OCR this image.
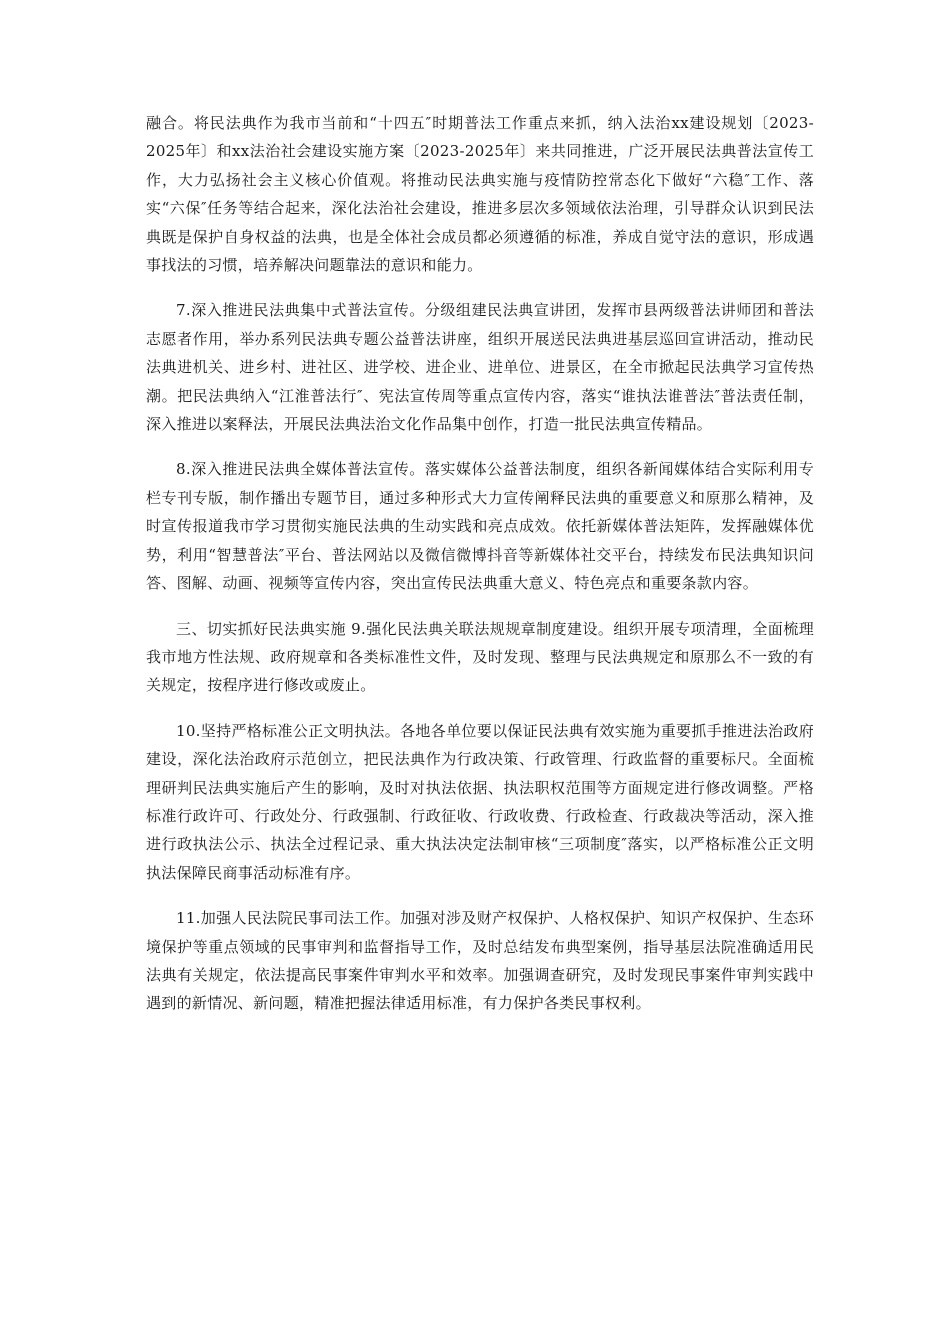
融合。将民法典作为我市当前和“十四五″时期普法工作重点来抓，纳入法治xx建设规划〔2023-2025年〕和xx法治社会建设实施方案〔2023-2025年〕来共同推进，广泛开展民法典普法宣传工作，大力弘扬社会主义核心价值观。将推动民法典实施与疫情防控常态化下做好“六稳″工作、落实“六保″任务等结合起来，深化法治社会建设，推进多层次多领域依法治理，引导群众认识到民法典既是保护自身权益的法典，也是全体社会成员都必须遵循的标准，养成自觉守法的意识，形成遇事找法的习惯，培养解决问题靠法的意识和能力。

7.深入推进民法典集中式普法宣传。分级组建民法典宣讲团，发挥市县两级普法讲师团和普法志愿者作用，举办系列民法典专题公益普法讲座，组织开展送民法典进基层巡回宣讲活动，推动民法典进机关、进乡村、进社区、进学校、进企业、进单位、进景区，在全市掀起民法典学习宣传热潮。把民法典纳入“江淮普法行″、宪法宣传周等重点宣传内容，落实“谁执法谁普法″普法责任制，深入推进以案释法，开展民法典法治文化作品集中创作，打造一批民法典宣传精品。

8.深入推进民法典全媒体普法宣传。落实媒体公益普法制度，组织各新闻媒体结合实际利用专栏专刊专版，制作播出专题节目，通过多种形式大力宣传阐释民法典的重要意义和原那么精神，及时宣传报道我市学习贯彻实施民法典的生动实践和亮点成效。依托新媒体普法矩阵，发挥融媒体优势，利用“智慧普法″平台、普法网站以及微信微博抖音等新媒体社交平台，持续发布民法典知识问答、图解、动画、视频等宣传内容，突出宣传民法典重大意义、特色亮点和重要条款内容。

三、切实抓好民法典实施 9.强化民法典关联法规规章制度建设。组织开展专项清理，全面梳理我市地方性法规、政府规章和各类标准性文件，及时发现、整理与民法典规定和原那么不一致的有关规定，按程序进行修改或废止。

10.坚持严格标准公正文明执法。各地各单位要以保证民法典有效实施为重要抓手推进法治政府建设，深化法治政府示范创立，把民法典作为行政决策、行政管理、行政监督的重要标尺。全面梳理研判民法典实施后产生的影响，及时对执法依据、执法职权范围等方面规定进行修改调整。严格标准行政许可、行政处分、行政强制、行政征收、行政收费、行政检查、行政裁决等活动，深入推进行政执法公示、执法全过程记录、重大执法决定法制审核“三项制度″落实，以严格标准公正文明执法保障民商事活动标准有序。

11.加强人民法院民事司法工作。加强对涉及财产权保护、人格权保护、知识产权保护、生态环境保护等重点领域的民事审判和监督指导工作，及时总结发布典型案例，指导基层法院准确适用民法典有关规定，依法提高民事案件审判水平和效率。加强调查研究，及时发现民事案件审判实践中遇到的新情况、新问题，精准把握法律适用标准，有力保护各类民事权利。
